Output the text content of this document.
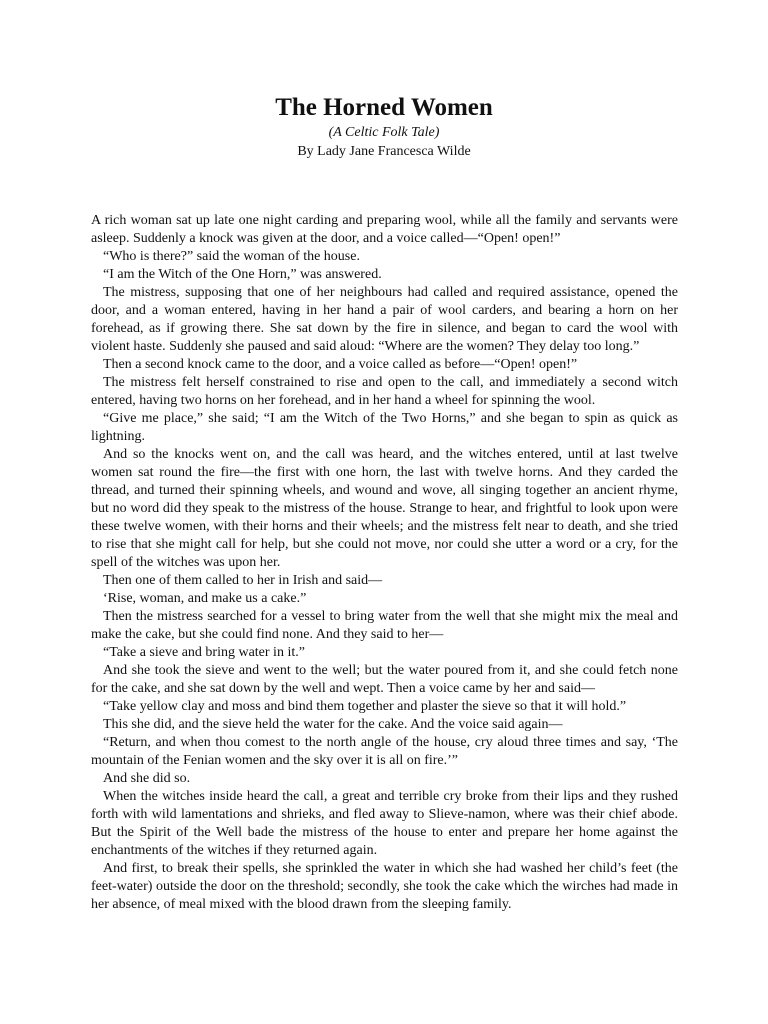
The Horned Women
(A Celtic Folk Tale)
By Lady Jane Francesca Wilde

A rich woman sat up late one night carding and preparing wool, while all the family and servants were asleep. Suddenly a knock was given at the door, and a voice called—“Open! open!”

“Who is there?” said the woman of the house.

“I am the Witch of the One Horn,” was answered.

The mistress, supposing that one of her neighbours had called and required assistance, opened the door, and a woman entered, having in her hand a pair of wool carders, and bearing a horn on her forehead, as if growing there. She sat down by the fire in silence, and began to card the wool with violent haste. Suddenly she paused and said aloud: “Where are the women? They delay too long.”

Then a second knock came to the door, and a voice called as before—“Open! open!”

The mistress felt herself constrained to rise and open to the call, and immediately a second witch entered, having two horns on her forehead, and in her hand a wheel for spinning the wool.

“Give me place,” she said; “I am the Witch of the Two Horns,” and she began to spin as quick as lightning.

And so the knocks went on, and the call was heard, and the witches entered, until at last twelve women sat round the fire—the first with one horn, the last with twelve horns. And they carded the thread, and turned their spinning wheels, and wound and wove, all singing together an ancient rhyme, but no word did they speak to the mistress of the house. Strange to hear, and frightful to look upon were these twelve women, with their horns and their wheels; and the mistress felt near to death, and she tried to rise that she might call for help, but she could not move, nor could she utter a word or a cry, for the spell of the witches was upon her.

Then one of them called to her in Irish and said—

‘Rise, woman, and make us a cake.”

Then the mistress searched for a vessel to bring water from the well that she might mix the meal and make the cake, but she could find none. And they said to her—

“Take a sieve and bring water in it.”

And she took the sieve and went to the well; but the water poured from it, and she could fetch none for the cake, and she sat down by the well and wept. Then a voice came by her and said—

“Take yellow clay and moss and bind them together and plaster the sieve so that it will hold.”

This she did, and the sieve held the water for the cake. And the voice said again—

“Return, and when thou comest to the north angle of the house, cry aloud three times and say, ‘The mountain of the Fenian women and the sky over it is all on fire.’”

And she did so.

When the witches inside heard the call, a great and terrible cry broke from their lips and they rushed forth with wild lamentations and shrieks, and fled away to Slieve-namon, where was their chief abode. But the Spirit of the Well bade the mistress of the house to enter and prepare her home against the enchantments of the witches if they returned again.

And first, to break their spells, she sprinkled the water in which she had washed her child’s feet (the feet-water) outside the door on the threshold; secondly, she took the cake which the wirches had made in her absence, of meal mixed with the blood drawn from the sleeping family.
